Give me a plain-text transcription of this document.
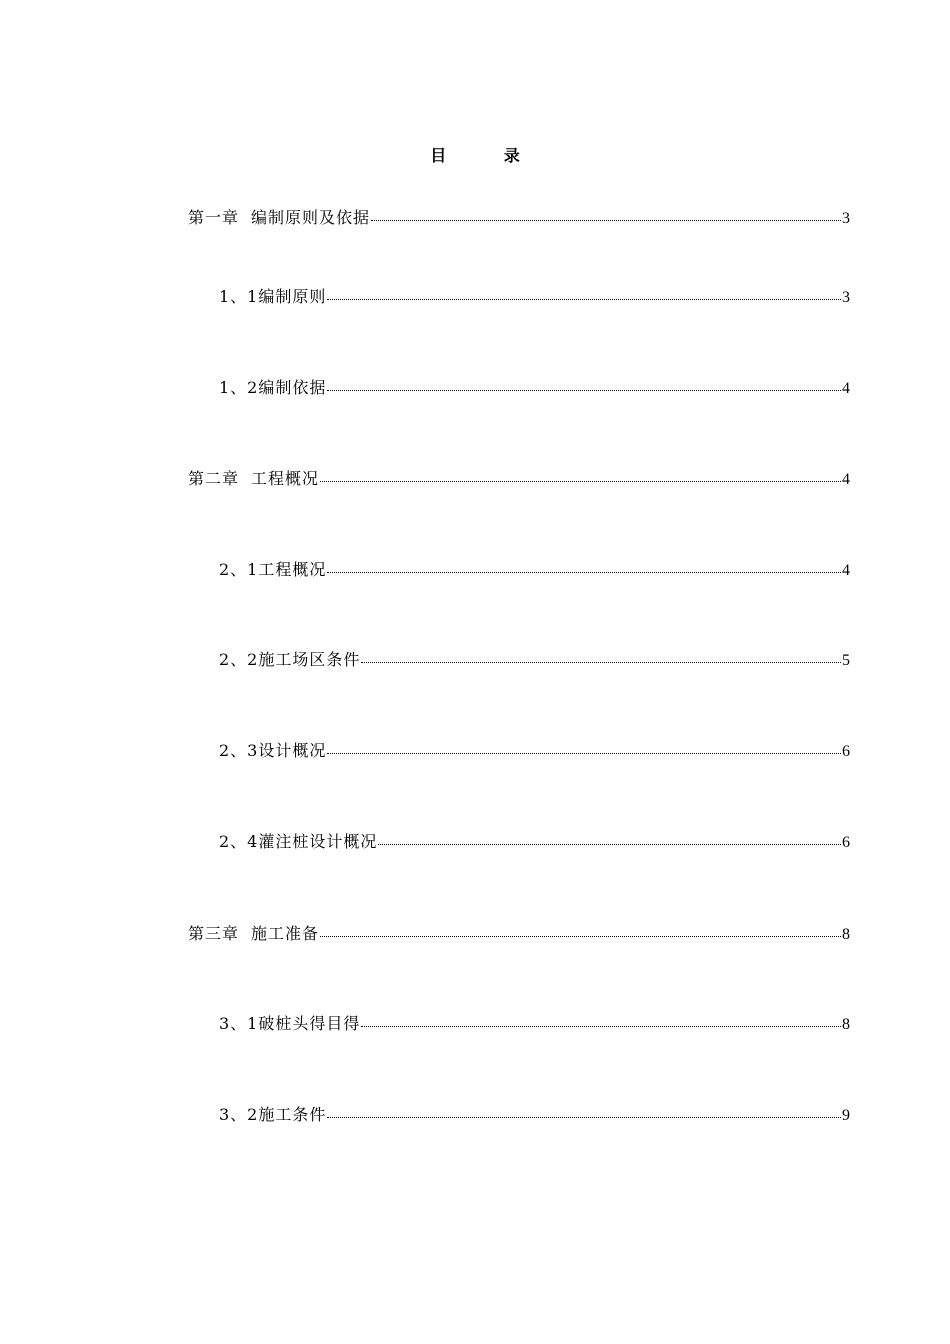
目 录
第一章 编制原则及依据	3
1、1编制原则	3
1、2编制依据	4
第二章 工程概况	4
2、1工程概况	4
2、2施工场区条件	5
2、3设计概况	6
2、4灌注桩设计概况	6
第三章 施工准备	8
3、1破桩头得目得	8
3、2施工条件	9
